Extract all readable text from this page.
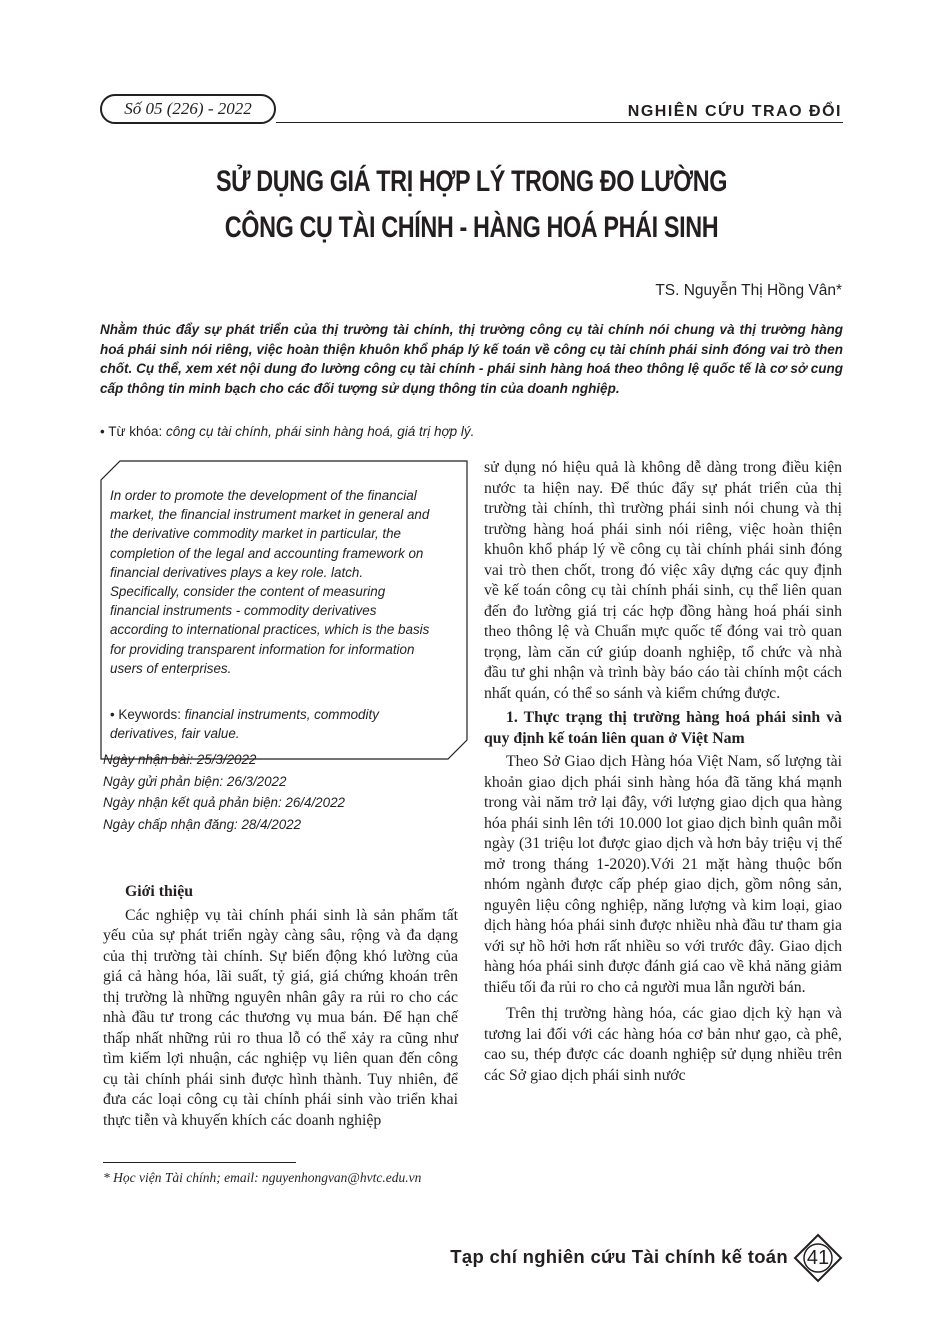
Số 05 (226) - 2022	NGHIÊN CỨU TRAO ĐỔI
SỬ DỤNG GIÁ TRỊ HỢP LÝ TRONG ĐO LƯỜNG
CÔNG CỤ TÀI CHÍNH - HÀNG HOÁ PHÁI SINH
TS. Nguyễn Thị Hồng Vân*
Nhằm thúc đẩy sự phát triển của thị trường tài chính, thị trường công cụ tài chính nói chung và thị trường hàng hoá phái sinh nói riêng, việc hoàn thiện khuôn khổ pháp lý kế toán về công cụ tài chính phái sinh đóng vai trò then chốt. Cụ thể, xem xét nội dung đo lường công cụ tài chính - phái sinh hàng hoá theo thông lệ quốc tế là cơ sở cung cấp thông tin minh bạch cho các đối tượng sử dụng thông tin của doanh nghiệp.
• Từ khóa: công cụ tài chính, phái sinh hàng hoá, giá trị hợp lý.
In order to promote the development of the financial market, the financial instrument market in general and the derivative commodity market in particular, the completion of the legal and accounting framework on financial derivatives plays a key role. latch. Specifically, consider the content of measuring financial instruments - commodity derivatives according to international practices, which is the basis for providing transparent information for information users of enterprises.
• Keywords: financial instruments, commodity derivatives, fair value.
Ngày nhận bài: 25/3/2022
Ngày gửi phản biện: 26/3/2022
Ngày nhận kết quả phản biện: 26/4/2022
Ngày chấp nhận đăng: 28/4/2022
Giới thiệu

Các nghiệp vụ tài chính phái sinh là sản phẩm tất yếu của sự phát triển ngày càng sâu, rộng và đa dạng của thị trường tài chính. Sự biến động khó lường của giá cả hàng hóa, lãi suất, tỷ giá, giá chứng khoán trên thị trường là những nguyên nhân gây ra rủi ro cho các nhà đầu tư trong các thương vụ mua bán. Để hạn chế thấp nhất những rủi ro thua lỗ có thể xảy ra cũng như tìm kiếm lợi nhuận, các nghiệp vụ liên quan đến công cụ tài chính phái sinh được hình thành. Tuy nhiên, để đưa các loại công cụ tài chính phái sinh vào triển khai thực tiễn và khuyến khích các doanh nghiệp

sử dụng nó hiệu quả là không dễ dàng trong điều kiện nước ta hiện nay. Để thúc đẩy sự phát triển của thị trường tài chính, thì trường phái sinh nói chung và thị trường hàng hoá phái sinh nói riêng, việc hoàn thiện khuôn khổ pháp lý về công cụ tài chính phái sinh đóng vai trò then chốt, trong đó việc xây dựng các quy định về kế toán công cụ tài chính phái sinh, cụ thể liên quan đến đo lường giá trị các hợp đồng hàng hoá phái sinh theo thông lệ và Chuẩn mực quốc tế đóng vai trò quan trọng, làm căn cứ giúp doanh nghiệp, tổ chức và nhà đầu tư ghi nhận và trình bày báo cáo tài chính một cách nhất quán, có thể so sánh và kiểm chứng được.

1. Thực trạng thị trường hàng hoá phái sinh và quy định kế toán liên quan ở Việt Nam

Theo Sở Giao dịch Hàng hóa Việt Nam, số lượng tài khoản giao dịch phái sinh hàng hóa đã tăng khá mạnh trong vài năm trở lại đây, với lượng giao dịch qua hàng hóa phái sinh lên tới 10.000 lot giao dịch bình quân mỗi ngày (31 triệu lot được giao dịch và hơn bảy triệu vị thế mở trong tháng 1-2020).Với 21 mặt hàng thuộc bốn nhóm ngành được cấp phép giao dịch, gồm nông sản, nguyên liệu công nghiệp, năng lượng và kim loại, giao dịch hàng hóa phái sinh được nhiều nhà đầu tư tham gia với sự hồ hởi hơn rất nhiều so với trước đây. Giao dịch hàng hóa phái sinh được đánh giá cao về khả năng giảm thiểu tối đa rủi ro cho cả người mua lẫn người bán.

Trên thị trường hàng hóa, các giao dịch kỳ hạn và tương lai đối với các hàng hóa cơ bản như gạo, cà phê, cao su, thép được các doanh nghiệp sử dụng nhiều trên các Sở giao dịch phái sinh nước

* Học viện Tài chính; email: nguyenhongvan@hvtc.edu.vn
Tạp chí nghiên cứu Tài chính kế toán 41
